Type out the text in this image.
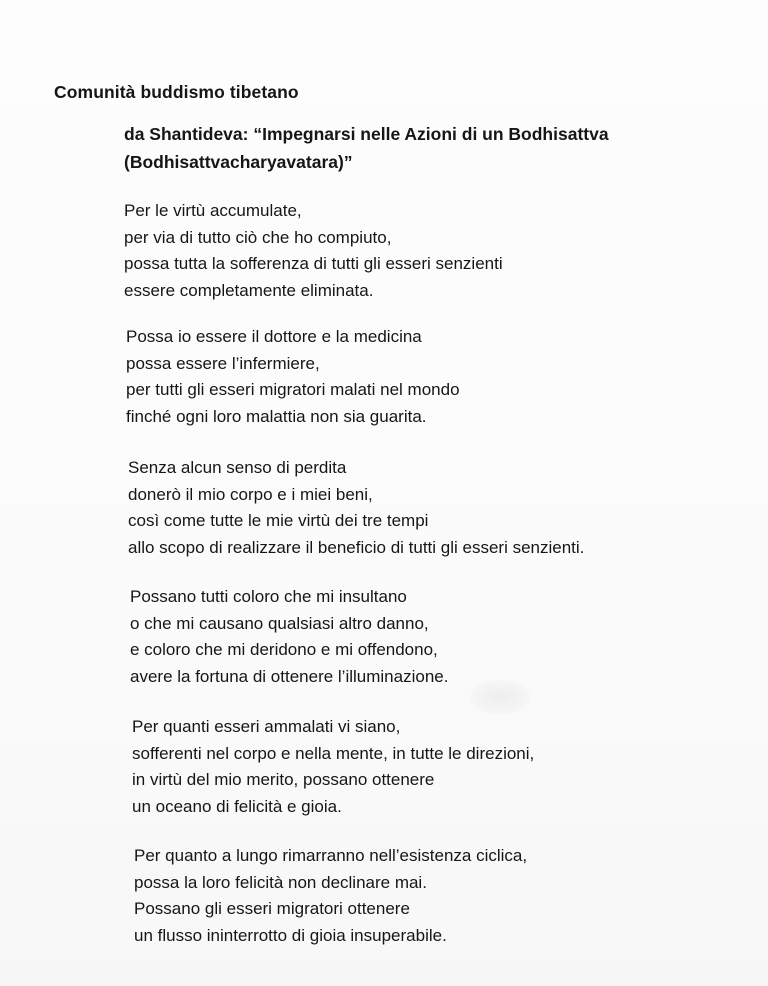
Comunità buddismo tibetano
da Shantideva: “Impegnarsi nelle Azioni di un Bodhisattva
(Bodhisattvacharyavatara)”
Per le virtù accumulate,
per via di tutto ciò che ho compiuto,
possa tutta la sofferenza di tutti gli esseri senzienti
essere completamente eliminata.
Possa io essere il dottore e la medicina
possa essere l’infermiere,
per tutti gli esseri migratori malati nel mondo
finché ogni loro malattia non sia guarita.
Senza alcun senso di perdita
donerò il mio corpo e i miei beni,
così come tutte le mie virtù dei tre tempi
allo scopo di realizzare il beneficio di tutti gli esseri senzienti.
Possano tutti coloro che mi insultano
o che mi causano qualsiasi altro danno,
e coloro che mi deridono e mi offendono,
avere la fortuna di ottenere l’illuminazione.
Per quanti esseri ammalati vi siano,
sofferenti nel corpo e nella mente, in tutte le direzioni,
in virtù del mio merito, possano ottenere
un oceano di felicità e gioia.
Per quanto a lungo rimarranno nell’esistenza ciclica,
possa la loro felicità non declinare mai.
Possano gli esseri migratori ottenere
un flusso ininterrotto di gioia insuperabile.
